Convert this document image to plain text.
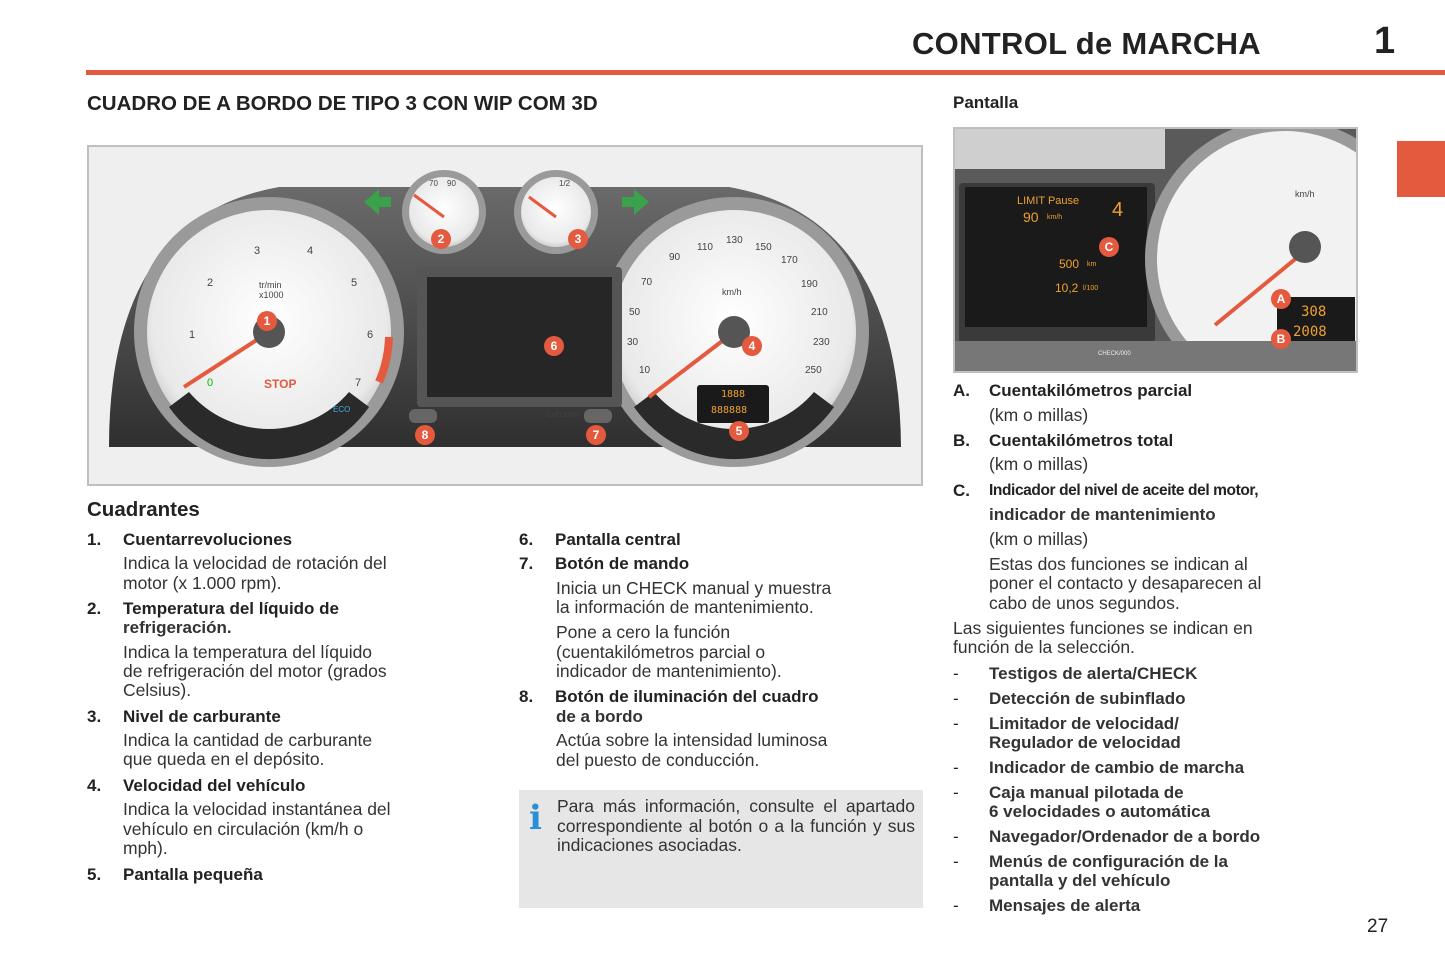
CONTROL de MARCHA	1
CUADRO DE A BORDO DE TIPO 3 CON WIP COM 3D	Pantalla
tr/min
x1000
0
1
2
3	4
5
6
7
STOP
ECO
km/h
10
30
50
70
90
110
130
150
170
190
210
230
250
70 90	1/2
1888
888888
CHECK/000
1
2	3
4
5
6
7
8
LIMIT Pause
90 km/h 4
500 km
10,2 l/100
km/h
308
2008
CHECK/000
A
B
C
Cuadrantes
1. Cuentarrevoluciones
Indica la velocidad de rotación del
motor (x 1.000 rpm).
2. Temperatura del líquido de
refrigeración.
Indica la temperatura del líquido
de refrigeración del motor (grados
Celsius).
3. Nivel de carburante
Indica la cantidad de carburante
que queda en el depósito.
4. Velocidad del vehículo
Indica la velocidad instantánea del
vehículo en circulación (km/h o
mph).
5. Pantalla pequeña
6. Pantalla central
7. Botón de mando
Inicia un CHECK manual y muestra
la información de mantenimiento.
Pone a cero la función
(cuentakilómetros parcial o
indicador de mantenimiento).
8. Botón de iluminación del cuadro
de a bordo
Actúa sobre la intensidad luminosa
del puesto de conducción.
i Para más información, consulte el apartado correspondiente al botón o a la función y sus indicaciones asociadas.
A. Cuentakilómetros parcial
(km o millas)
B. Cuentakilómetros total
(km o millas)
C. Indicador del nivel de aceite del motor,
indicador de mantenimiento
(km o millas)
Estas dos funciones se indican al
poner el contacto y desaparecen al
cabo de unos segundos.
Las siguientes funciones se indican en
función de la selección.
- Testigos de alerta/CHECK
- Detección de subinflado
- Limitador de velocidad/
Regulador de velocidad
- Indicador de cambio de marcha
- Caja manual pilotada de
6 velocidades o automática
- Navegador/Ordenador de a bordo
- Menús de configuración de la
pantalla y del vehículo
- Mensajes de alerta
27
